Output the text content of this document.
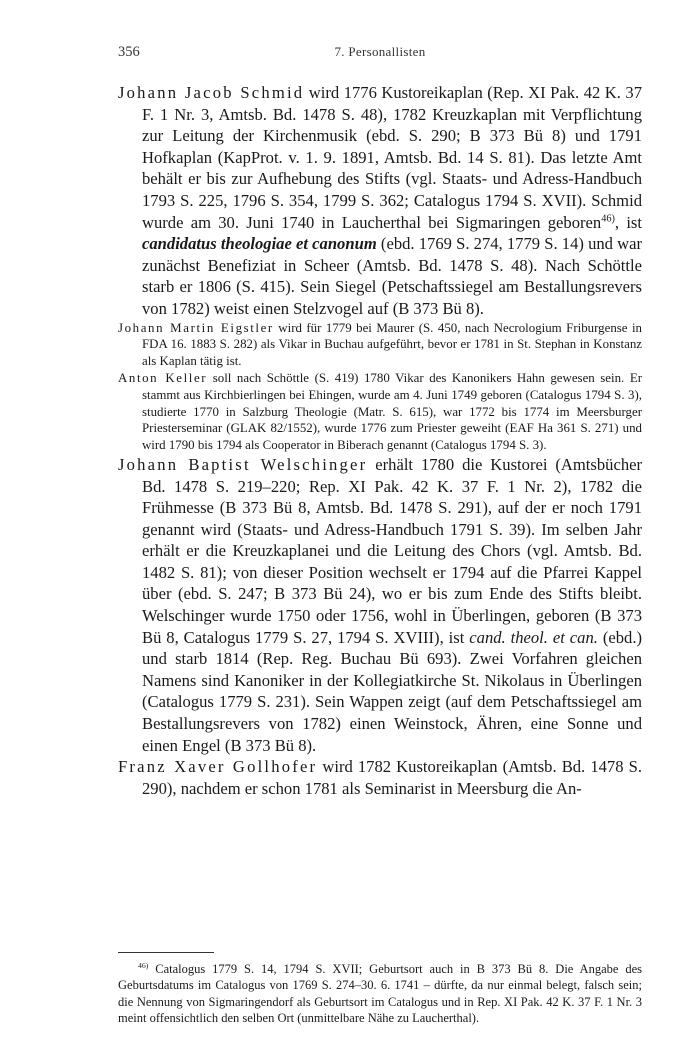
356	7. Personallisten

Johann Jacob Schmid wird 1776 Kustoreikaplan (Rep. XI Pak. 42 K. 37 F. 1 Nr. 3, Amtsb. Bd. 1478 S. 48), 1782 Kreuzkaplan mit Verpflichtung zur Leitung der Kirchenmusik (ebd. S. 290; B 373 Bü 8) und 1791 Hofkaplan (KapProt. v. 1. 9. 1891, Amtsb. Bd. 14 S. 81). Das letzte Amt behält er bis zur Aufhebung des Stifts (vgl. Staats- und Adress-Handbuch 1793 S. 225, 1796 S. 354, 1799 S. 362; Catalogus 1794 S. XVII). Schmid wurde am 30. Juni 1740 in Laucherthal bei Sigmaringen geboren$^{46)}$, ist candidatus theologiae et canonum (ebd. 1769 S. 274, 1779 S. 14) und war zunächst Benefiziat in Scheer (Amtsb. Bd. 1478 S. 48). Nach Schöttle starb er 1806 (S. 415). Sein Siegel (Petschaftssiegel am Bestallungsrevers von 1782) weist einen Stelzvogel auf (B 373 Bü 8).

Johann Martin Eigstler wird für 1779 bei Maurer (S. 450, nach Necrologium Friburgense in FDA 16. 1883 S. 282) als Vikar in Buchau aufgeführt, bevor er 1781 in St. Stephan in Konstanz als Kaplan tätig ist.

Anton Keller soll nach Schöttle (S. 419) 1780 Vikar des Kanonikers Hahn gewesen sein. Er stammt aus Kirchbierlingen bei Ehingen, wurde am 4. Juni 1749 geboren (Catalogus 1794 S. 3), studierte 1770 in Salzburg Theologie (Matr. S. 615), war 1772 bis 1774 im Meersburger Priesterseminar (GLAK 82/1552), wurde 1776 zum Priester geweiht (EAF Ha 361 S. 271) und wird 1790 bis 1794 als Cooperator in Biberach genannt (Catalogus 1794 S. 3).

Johann Baptist Welschinger erhält 1780 die Kustorei (Amtsbücher Bd. 1478 S. 219–220; Rep. XI Pak. 42 K. 37 F. 1 Nr. 2), 1782 die Frühmesse (B 373 Bü 8, Amtsb. Bd. 1478 S. 291), auf der er noch 1791 genannt wird (Staats- und Adress-Handbuch 1791 S. 39). Im selben Jahr erhält er die Kreuzkaplanei und die Leitung des Chors (vgl. Amtsb. Bd. 1482 S. 81); von dieser Position wechselt er 1794 auf die Pfarrei Kappel über (ebd. S. 247; B 373 Bü 24), wo er bis zum Ende des Stifts bleibt. Welschinger wurde 1750 oder 1756, wohl in Überlingen, geboren (B 373 Bü 8, Catalogus 1779 S. 27, 1794 S. XVIII), ist cand. theol. et can. (ebd.) und starb 1814 (Rep. Reg. Buchau Bü 693). Zwei Vorfahren gleichen Namens sind Kanoniker in der Kollegiatkirche St. Nikolaus in Überlingen (Catalogus 1779 S. 231). Sein Wappen zeigt (auf dem Petschaftssiegel am Bestallungsrevers von 1782) einen Weinstock, Ähren, eine Sonne und einen Engel (B 373 Bü 8).

Franz Xaver Gollhofer wird 1782 Kustoreikaplan (Amtsb. Bd. 1478 S. 290), nachdem er schon 1781 als Seminarist in Meersburg die An-

$^{46)}$ Catalogus 1779 S. 14, 1794 S. XVII; Geburtsort auch in B 373 Bü 8. Die Angabe des Geburtsdatums im Catalogus von 1769 S. 274–30. 6. 1741 – dürfte, da nur einmal belegt, falsch sein; die Nennung von Sigmaringendorf als Geburtsort im Catalogus und in Rep. XI Pak. 42 K. 37 F. 1 Nr. 3 meint offensichtlich den selben Ort (unmittelbare Nähe zu Laucherthal).
